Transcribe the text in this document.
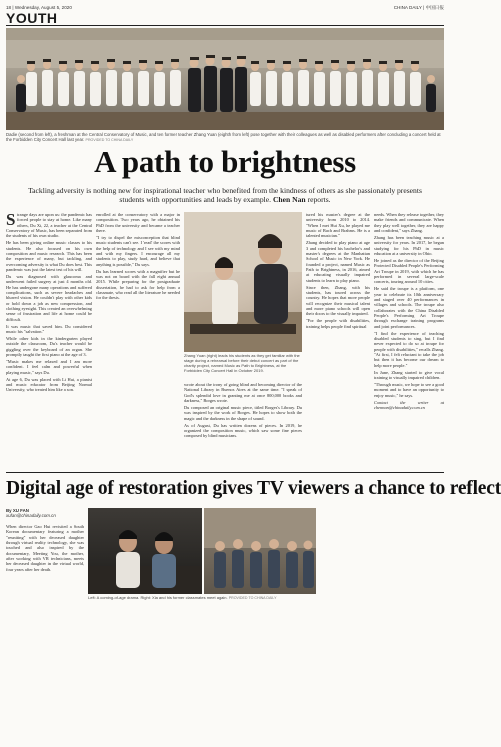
18 | Wednesday, August 5, 2020	CHINA DAILY | 中国日报
YOUTH
Dadie (second from left), a freshman at the Central Conservatory of Music, and ten former teacher Zhang Yuan (eighth from left) pose together with their colleagues as well as disabled performers after concluding a concert held at the Forbidden City Concert Hall last year. PROVIDED TO CHINA DAILY
A path to brightness
Tackling adversity is nothing new for inspirational teacher who benefited from the kindness of others as she passionately presents students with opportunities and leads by example. Chen Nan reports.

Strange days are upon us: the pandemic has forced people to stay at home. Like many others, Du Xi, 22, a teacher at the Central Conservatory of Music, has been separated from the students of his own studio.

He has been giving online music classes to his students. He also focused on his own composition and music research. This has been the experience of many, but tackling, and overcoming adversity is what Du does best. This pandemic was just the latest test of his will.

Du was diagnosed with glaucoma and underwent failed surgery at just 4 months old. He has undergone many operations and suffered complications, such as severe headaches and blurred vision. He couldn't play with other kids or hold down a job as new compression, and clothing eyesight. This created an overwhelming sense of frustration and life at home could be difficult.

It was music that saved him. Du considered music his "salvation."

While other kids in the kindergarten played outside the classroom, Du's teacher would be giggling over the keyboard of an organ. She promptly taught the first piano at the age of 3.

"Music makes me relaxed and I am more confident. I feel calm and powerful when playing music," says Du.

At age 6, Du was placed with Li Hui, a pianist and music educator from Beijing Normal University, who treated him like a son.

enrolled at the conservatory with a major in composition. Two years ago, he obtained his PhD from the university and became a teacher there.

"I try to dispel the misconception that blind music students can't see. I 'read' the scores with the help of technology and I see with my mind and with my fingers. I encourage all my students to play, study hard, and believe that anything is possible," Du says.

Du has learned scores with a magnifier but he was not on board with the fall eight annual 2015. While preparing for the postgraduate dissertation, he had to ask for help from a classmate, who read all the literature he needed for the thesis.

Zhang Yuan (right) leads his students as they get familiar with the stage during a rehearsal before their debut concert as part of the charity project, named Music as Path to Brightness, at the Forbidden City Concert Hall in October 2019.

wrote about the irony of going blind and becoming director of the National Library in Buenos Aires at the same time. "I speak of God's splendid love in granting me at once 800,000 books and darkness," Borges wrote.

Du composed an original music piece, titled Borges's Library. Du was inspired by the work of Borges. He hopes to show both the magic and the darkness in the shape of sound.

As of August, Du has written dozens of pieces. In 2019, he organized the composition music, which saw some fine pieces composed by blind musicians.

tured his master's degree at the university from 2010 to 2014. "When I met Hui Xu, he played me music of Bach and Brahms. He is a talented musician."

Zhang decided to play piano at age 3 and completed his bachelor's and master's degrees at the Manhattan School of Music in New York. He founded a project, named Music as Path to Brightness, in 2016, aimed at educating visually impaired students to learn to play piano.

Since then, Zhang, with his students, has toured across the country. He hopes that more people will recognize their musical talent and more piano schools will open their doors to the visually impaired.

"For the people with disabilities, training helps people find spiritual

needs. When they release together, they make friends and communicate. When they play well together, they are happy and confident," says Zhang.

Zhang has been teaching music at a university for years. In 2017, he began studying for his PhD in music education at a university in Ohio.

He joined as the director of the Beijing Protected Disabled People's Performing Art Troupe in 2019, with which he has performed in several large-scale concerts, touring around 10 cities.

He said the troupe is a platform, one year to celebrate its 10th anniversary and staged over 40 performances in villages and schools. The troupe also collaborates with the China Disabled People's Performing Art Troupe through exchange training programs and joint performances.

"I find the experience of teaching disabled students to sing, but I find never expected to do so at troupe for people with disabilities," recalls Zhang. "At first, I felt reluctant to take the job but then it has become our dream to help more people."

In June, Zhang started to give vocal training to visually impaired children.

"Through music, we hope to see a good moment and to have an opportunity to enjoy music," he says.

Contact the writer at chennan@chinadaily.com.cn

Digital age of restoration gives TV viewers a chance to reflect
By XU FAN
xufan@chinadaily.com.cn

When director Gao Hui revisited a South Korean documentary featuring a mother "reuniting" with her deceased daughter through virtual reality technology, she was touched and also inspired by the documentary, Meeting You, the mother, after working with VR technicians, meets her deceased daughter in the virtual world, four years after her death.

Left: A coming-of-age drama. Right: Xia and his former classmates meet again. PROVIDED TO CHINA DAILY
